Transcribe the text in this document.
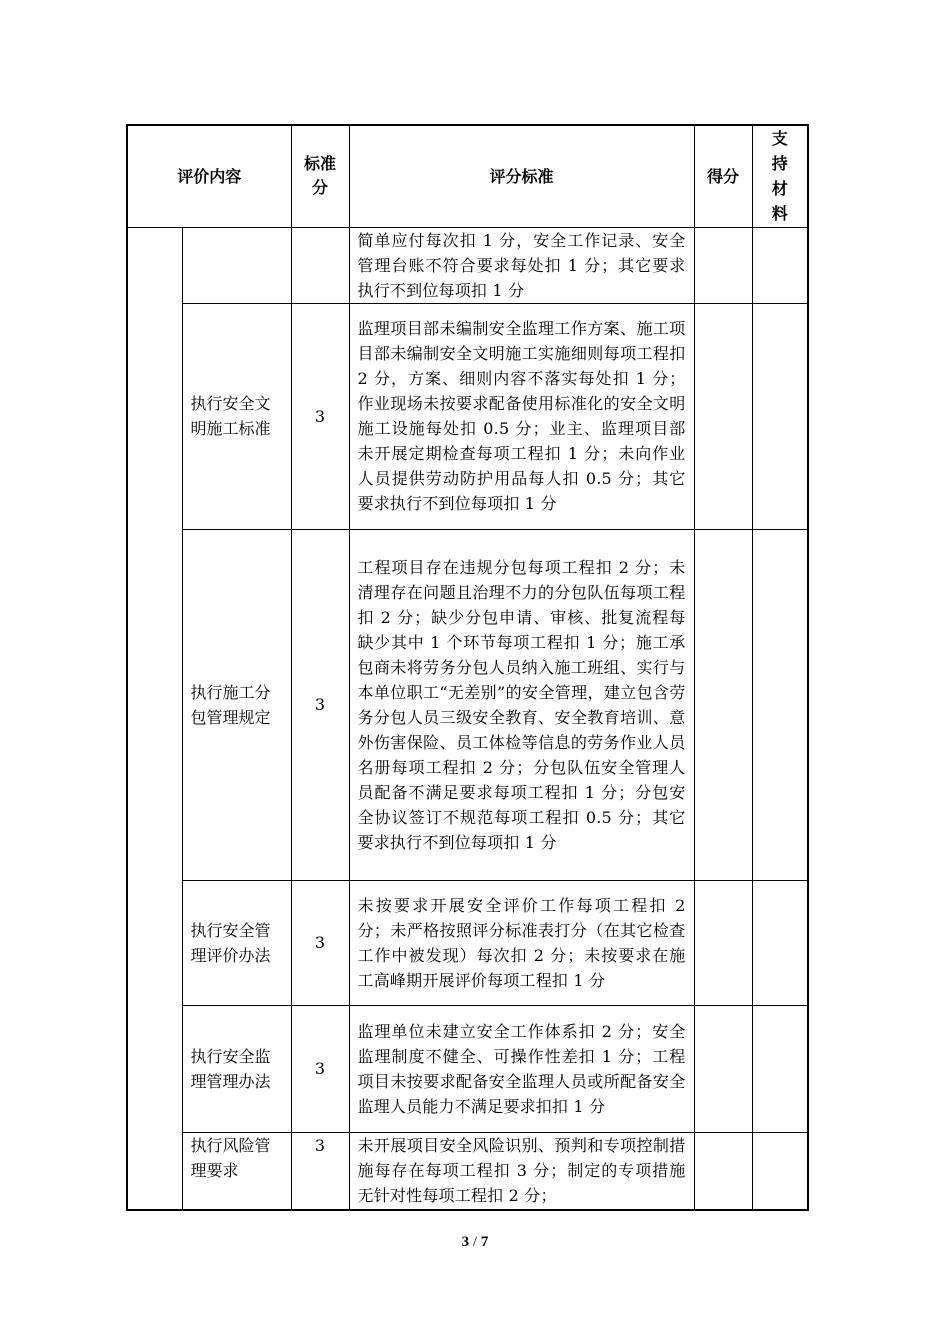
评价内容		标准分	评分标准	得分	支持材料

			简单应付每次扣 1 分，安全工作记录、安全管理台账不符合要求每处扣 1 分；其它要求执行不到位每项扣 1 分		
	执行安全文明施工标准	3	监理项目部未编制安全监理工作方案、施工项目部未编制安全文明施工实施细则每项工程扣 2 分，方案、细则内容不落实每处扣 1 分；作业现场未按要求配备使用标准化的安全文明施工设施每处扣 0.5 分；业主、监理项目部未开展定期检查每项工程扣 1 分；未向作业人员提供劳动防护用品每人扣 0.5 分；其它要求执行不到位每项扣 1 分		
	执行施工分包管理规定	3	工程项目存在违规分包每项工程扣 2 分；未清理存在问题且治理不力的分包队伍每项工程扣 2 分；缺少分包申请、审核、批复流程每缺少其中 1 个环节每项工程扣 1 分；施工承包商未将劳务分包人员纳入施工班组、实行与本单位职工“无差别”的安全管理，建立包含劳务分包人员三级安全教育、安全教育培训、意外伤害保险、员工体检等信息的劳务作业人员名册每项工程扣 2 分；分包队伍安全管理人员配备不满足要求每项工程扣 1 分；分包安全协议签订不规范每项工程扣 0.5 分；其它要求执行不到位每项扣 1 分		
	执行安全管理评价办法	3	未按要求开展安全评价工作每项工程扣 2 分；未严格按照评分标准表打分（在其它检查工作中被发现）每次扣 2 分；未按要求在施工高峰期开展评价每项工程扣 1 分		
	执行安全监理管理办法	3	监理单位未建立安全工作体系扣 2 分；安全监理制度不健全、可操作性差扣 1 分；工程项目未按要求配备安全监理人员或所配备安全监理人员能力不满足要求扣扣 1 分		
	执行风险管理要求	3	未开展项目安全风险识别、预判和专项控制措施每存在每项工程扣 3 分；制定的专项措施无针对性每项工程扣 2 分；		
3 / 7
